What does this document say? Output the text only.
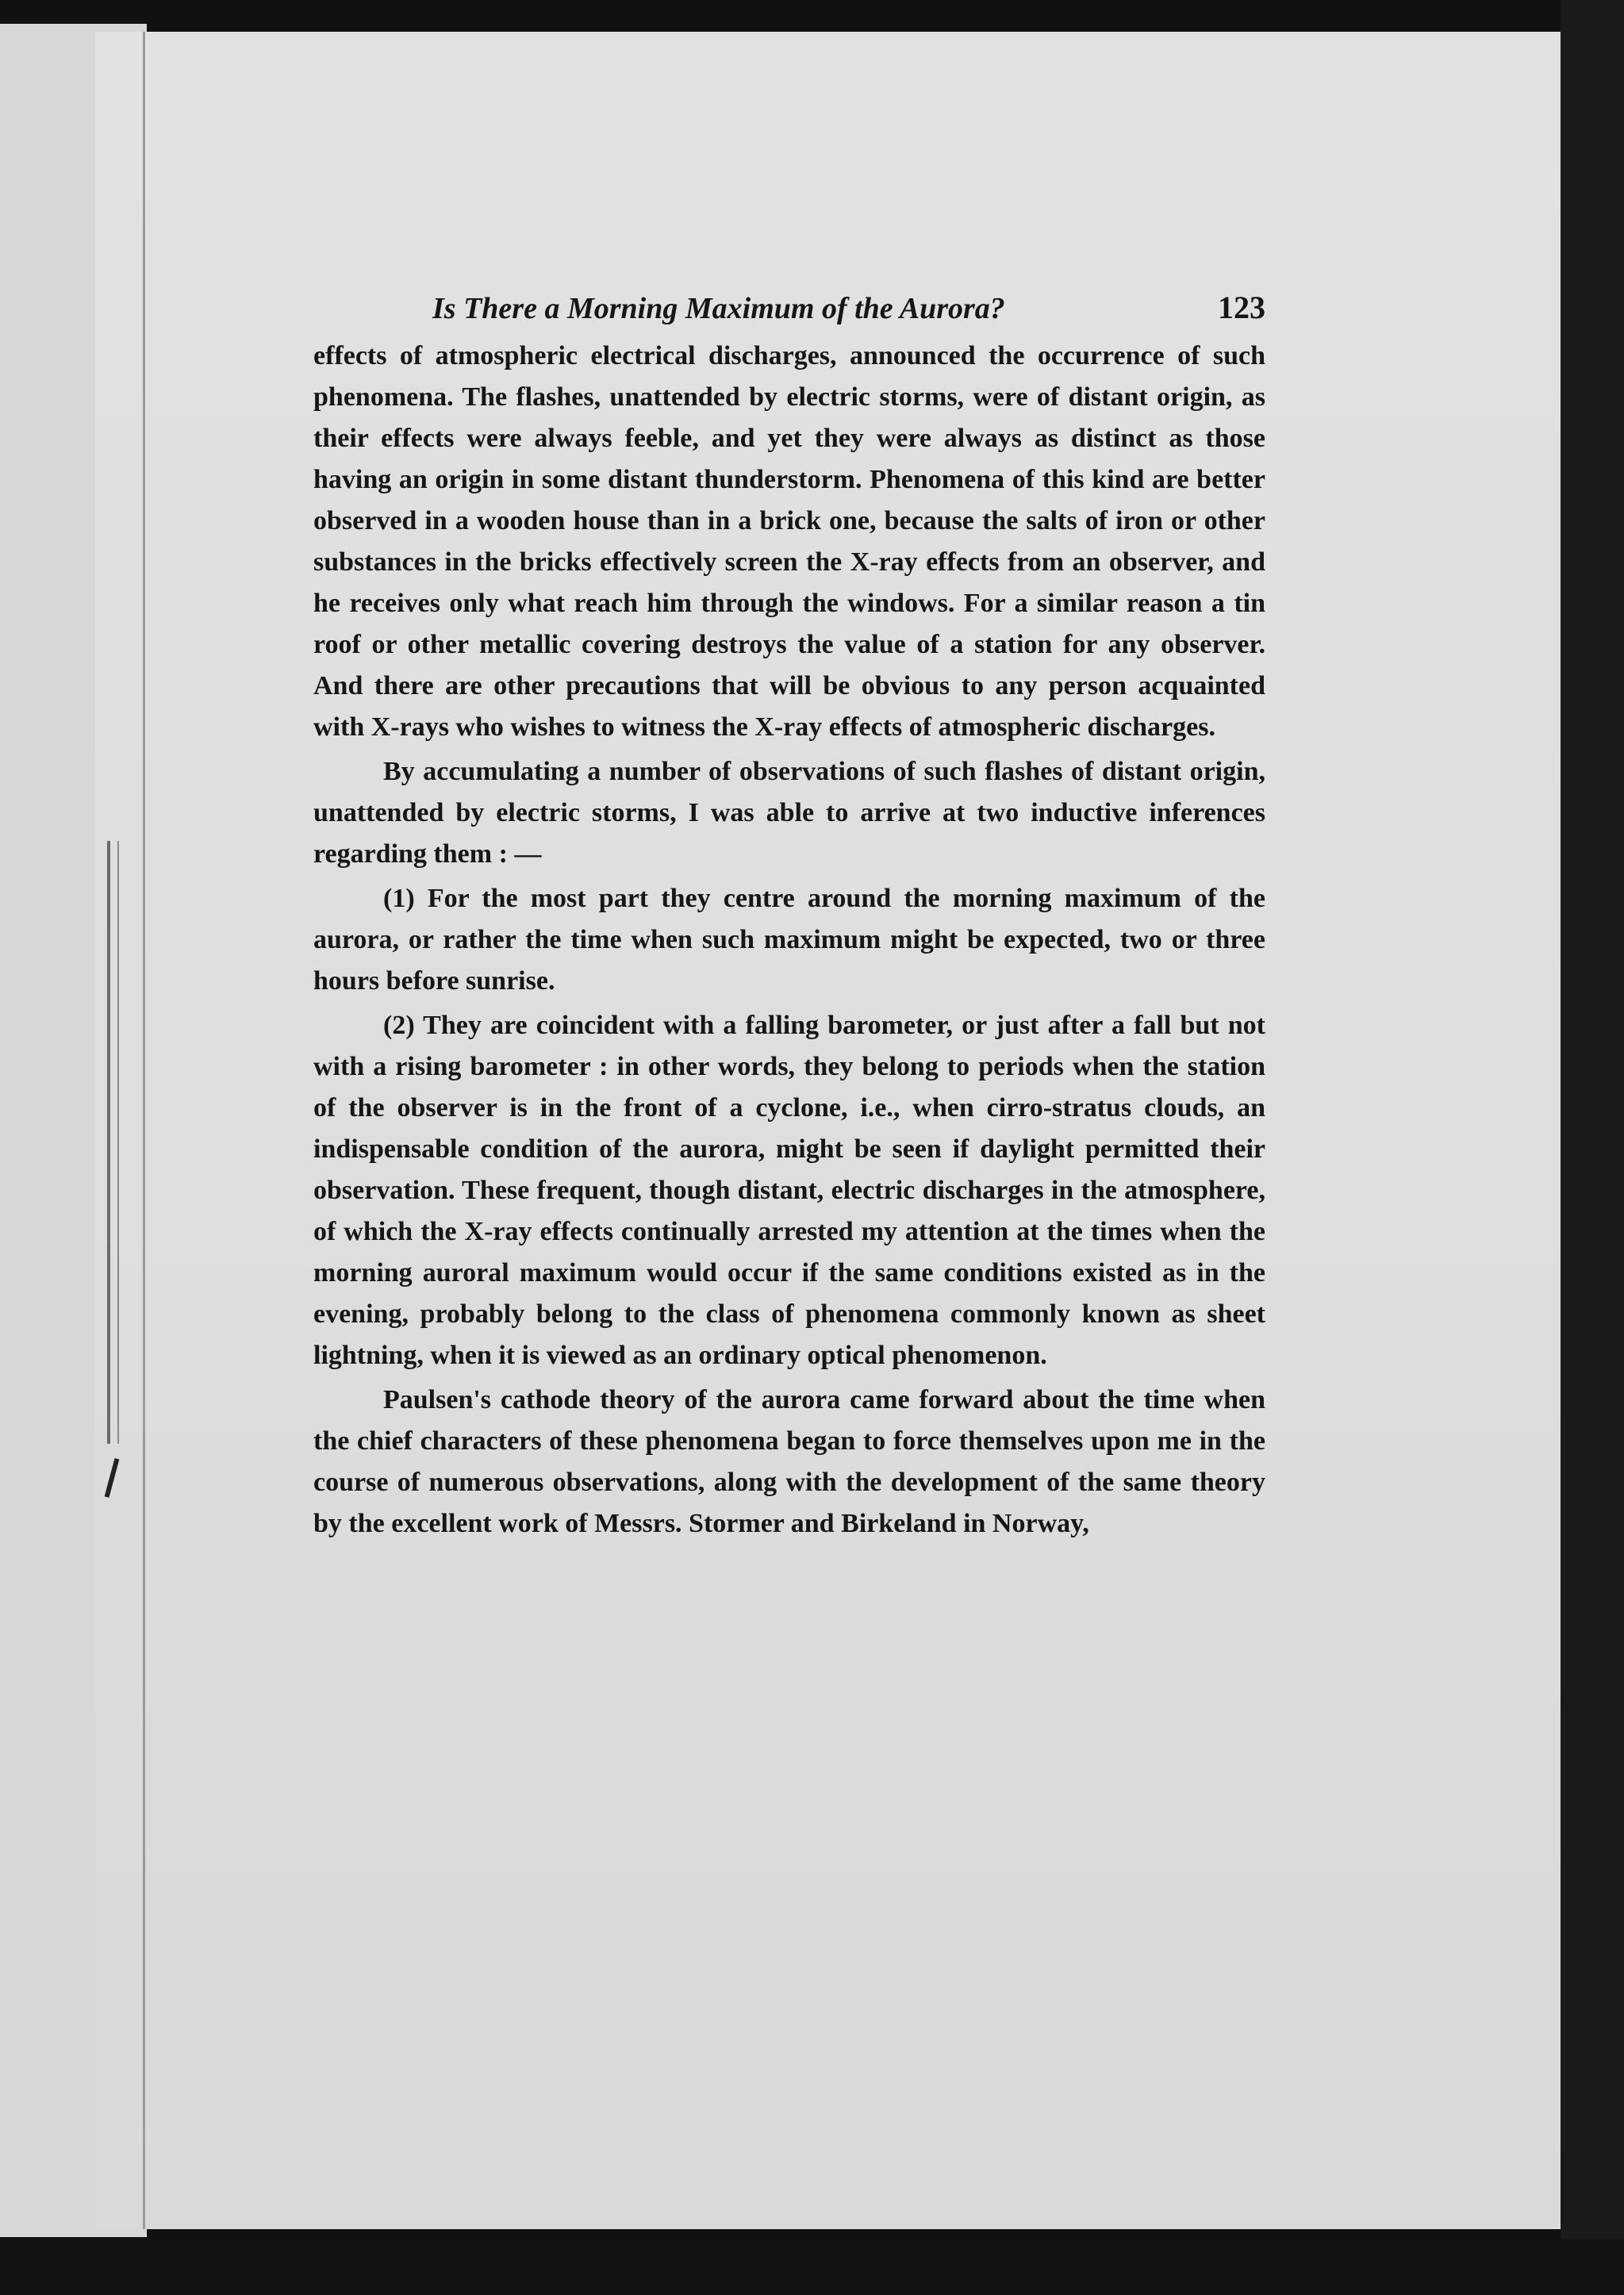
Is There a Morning Maximum of the Aurora?	123

effects of atmospheric electrical discharges, announced the occurrence of such phenomena. The flashes, unattended by electric storms, were of distant origin, as their effects were always feeble, and yet they were always as distinct as those having an origin in some distant thunderstorm. Phenomena of this kind are better observed in a wooden house than in a brick one, because the salts of iron or other substances in the bricks effectively screen the X-ray effects from an observer, and he receives only what reach him through the windows. For a similar reason a tin roof or other metallic covering destroys the value of a station for any observer. And there are other precautions that will be obvious to any person acquainted with X-rays who wishes to witness the X-ray effects of atmospheric discharges.

By accumulating a number of observations of such flashes of distant origin, unattended by electric storms, I was able to arrive at two inductive inferences regarding them : —

(1) For the most part they centre around the morning maximum of the aurora, or rather the time when such maximum might be expected, two or three hours before sunrise.

(2) They are coincident with a falling barometer, or just after a fall but not with a rising barometer : in other words, they belong to periods when the station of the observer is in the front of a cyclone, i.e., when cirro-stratus clouds, an indispensable condition of the aurora, might be seen if daylight permitted their observation. These frequent, though distant, electric discharges in the atmosphere, of which the X-ray effects continually arrested my attention at the times when the morning auroral maximum would occur if the same conditions existed as in the evening, probably belong to the class of phenomena commonly known as sheet lightning, when it is viewed as an ordinary optical phenomenon.

Paulsen's cathode theory of the aurora came forward about the time when the chief characters of these phenomena began to force themselves upon me in the course of numerous observations, along with the development of the same theory by the excellent work of Messrs. Stormer and Birkeland in Norway,
